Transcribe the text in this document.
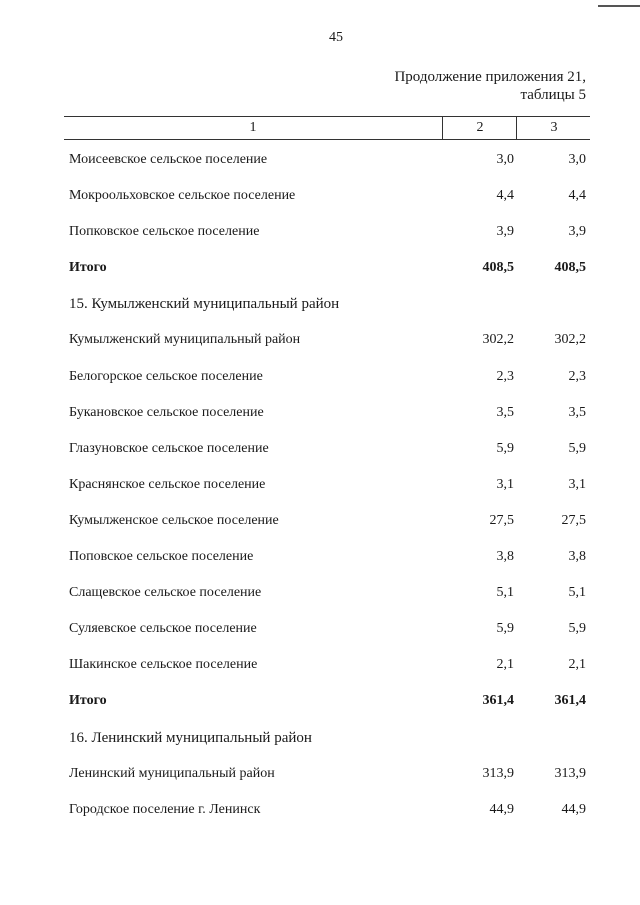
45
Продолжение приложения 21,
таблицы 5
1	2	3
Моисеевское сельское поселение	3,0	3,0
Мокроольховское сельское поселение	4,4	4,4
Попковское сельское поселение	3,9	3,9
Итого	408,5	408,5
15. Кумылженский муниципальный район
Кумылженский муниципальный район	302,2	302,2
Белогорское сельское поселение	2,3	2,3
Букановское сельское поселение	3,5	3,5
Глазуновское сельское поселение	5,9	5,9
Краснянское сельское поселение	3,1	3,1
Кумылженское сельское поселение	27,5	27,5
Поповское сельское поселение	3,8	3,8
Слащевское сельское поселение	5,1	5,1
Суляевское сельское поселение	5,9	5,9
Шакинское сельское поселение	2,1	2,1
Итого	361,4	361,4
16. Ленинский муниципальный район
Ленинский муниципальный район	313,9	313,9
Городское поселение г. Ленинск	44,9	44,9
